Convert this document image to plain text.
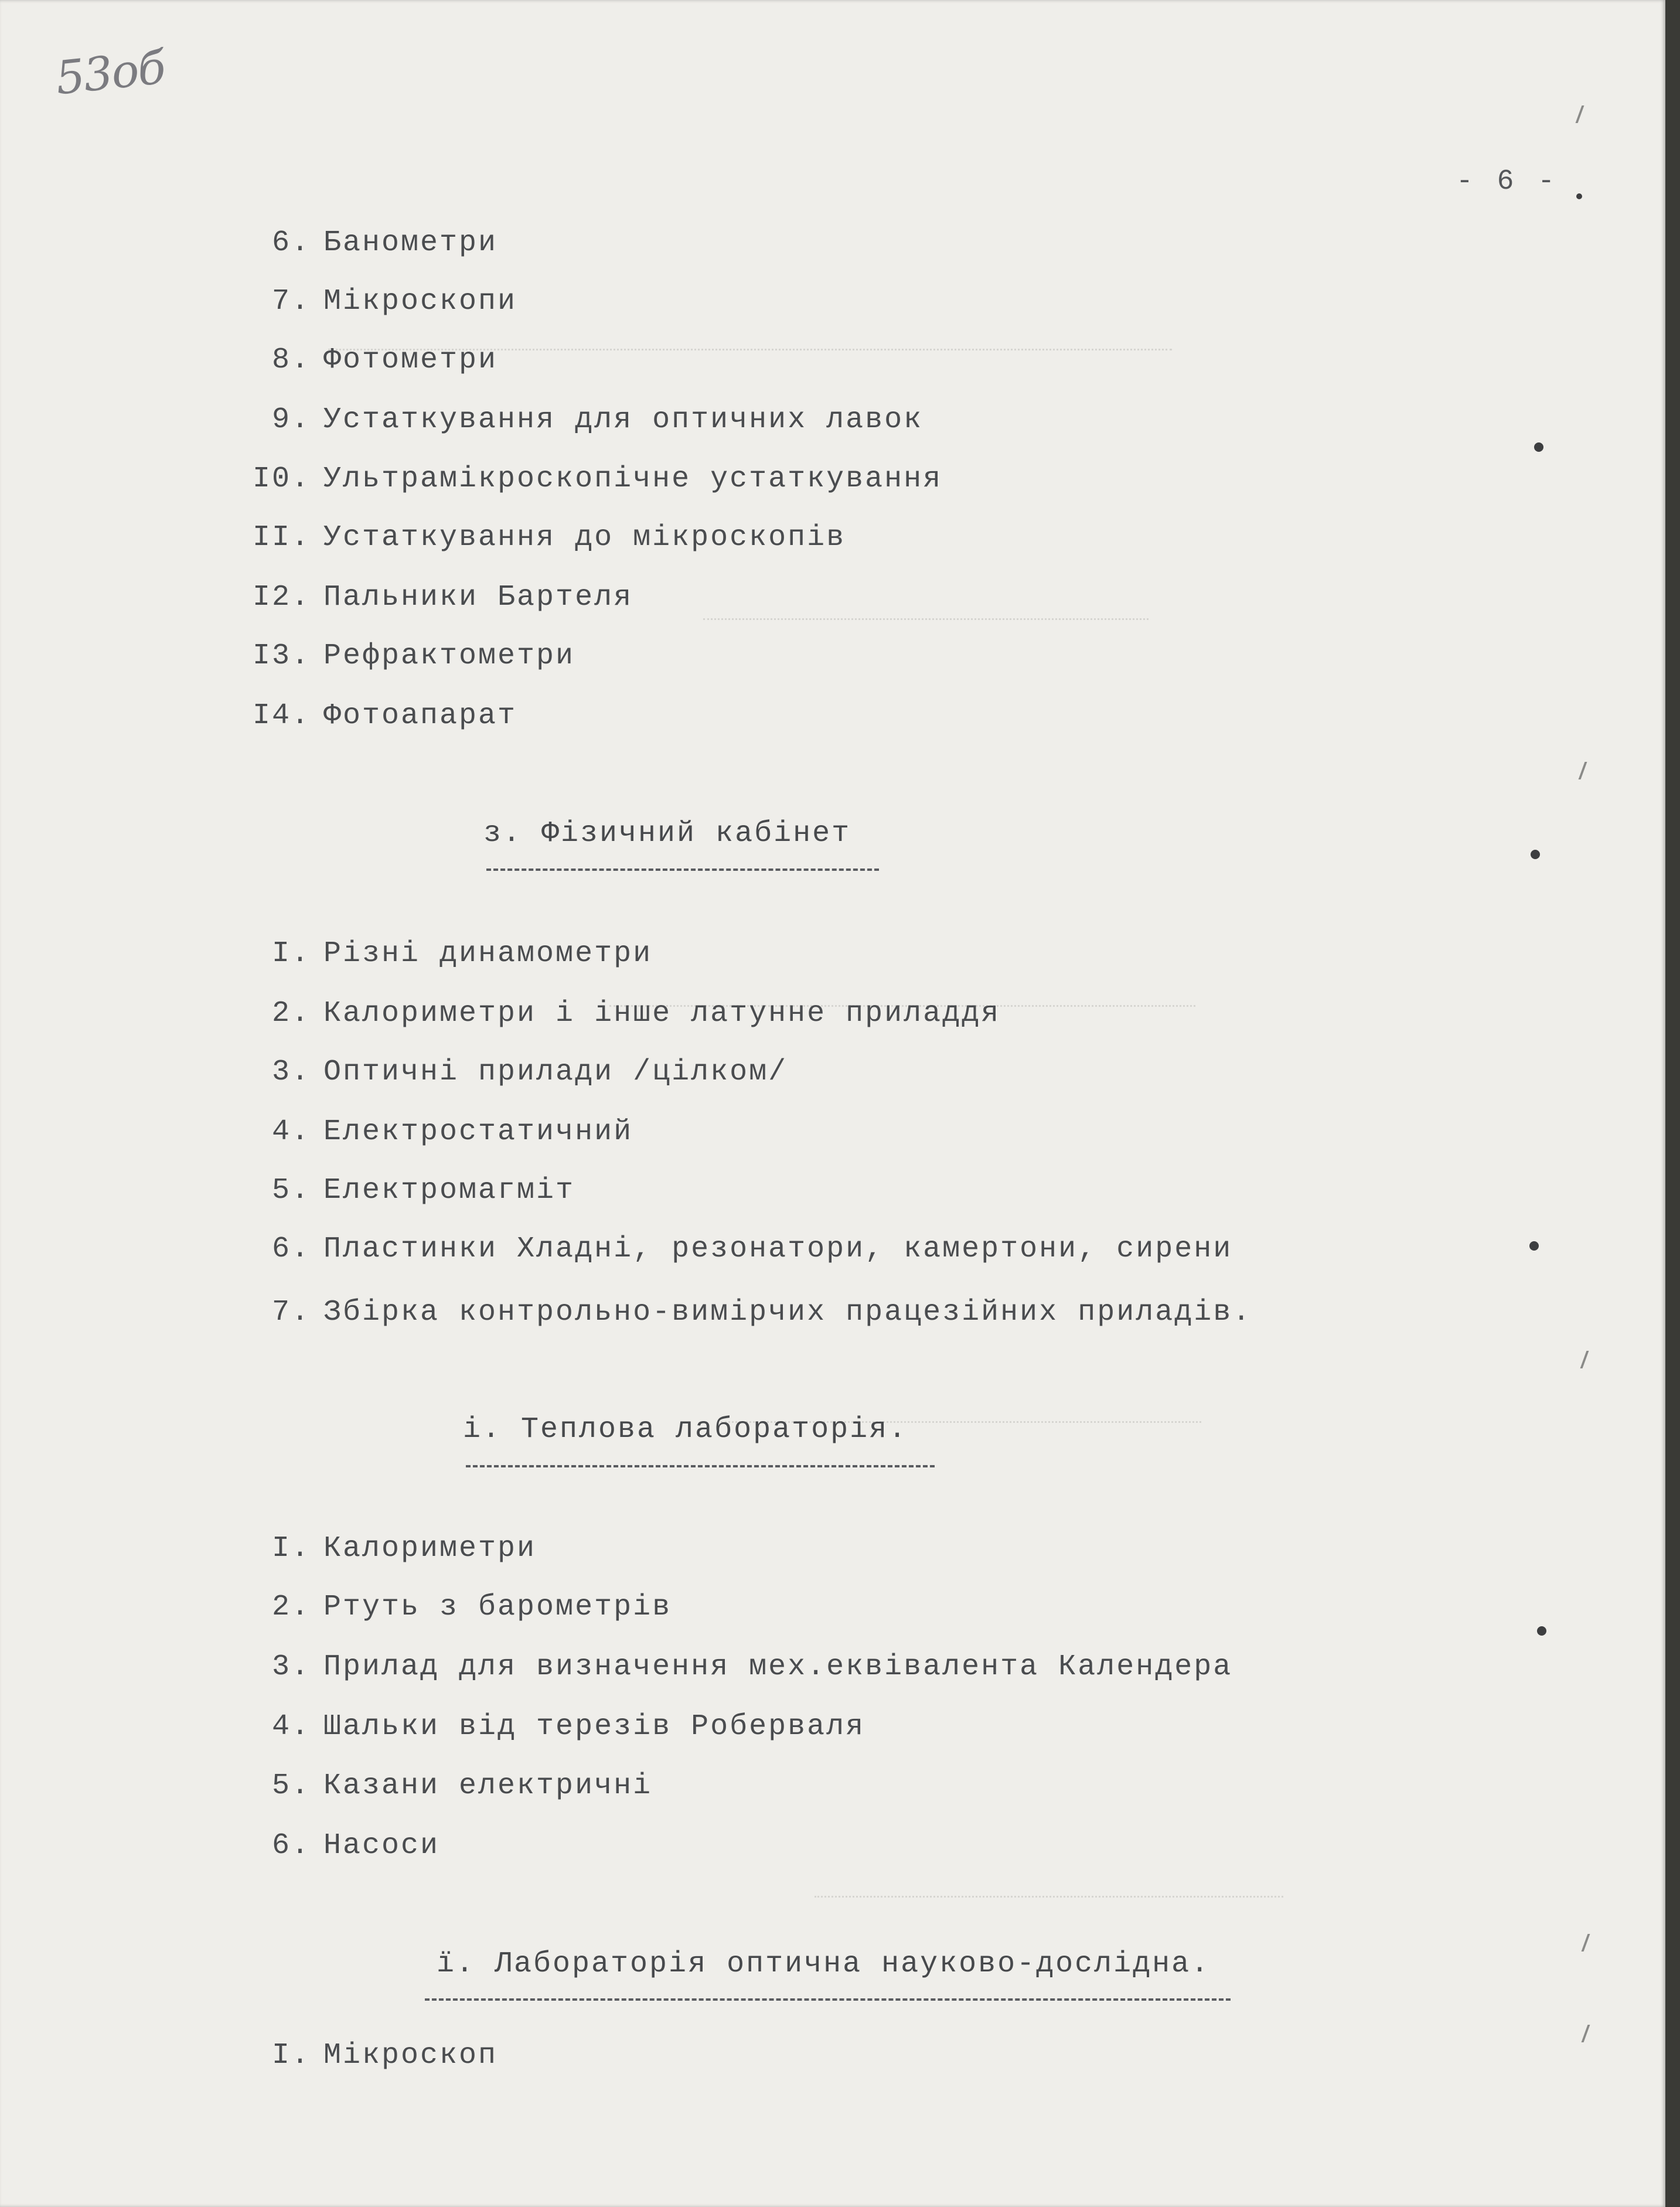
53об
- 6 -
6. Банометри
7. Мікроскопи
8. Фотометри
9. Устаткування для оптичних лавок
I0. Ультрамікроскопічне устаткування
II. Устаткування до мікроскопів
I2. Пальники Бартеля
I3. Рефрактометри
I4. Фотоапарат
з. Фізичний кабінет
I. Різні динамометри
2. Калориметри і інше латунне приладдя
3. Оптичні прилади /цілком/
4. Електростатичний
5. Електромагміт
6. Пластинки Хладні, резонатори, камертони, сирени
7. Збірка контрольно-вимірчих працезійних приладів.
і. Теплова лабораторія.
I. Калориметри
2. Ртуть з барометрів
3. Прилад для визначення мех.еквівалента Календера
4. Шальки від терезів Роберваля
5. Казани електричні
6. Насоси
ї. Лабораторія оптична науково-дослідна.
I. Мікроскоп
